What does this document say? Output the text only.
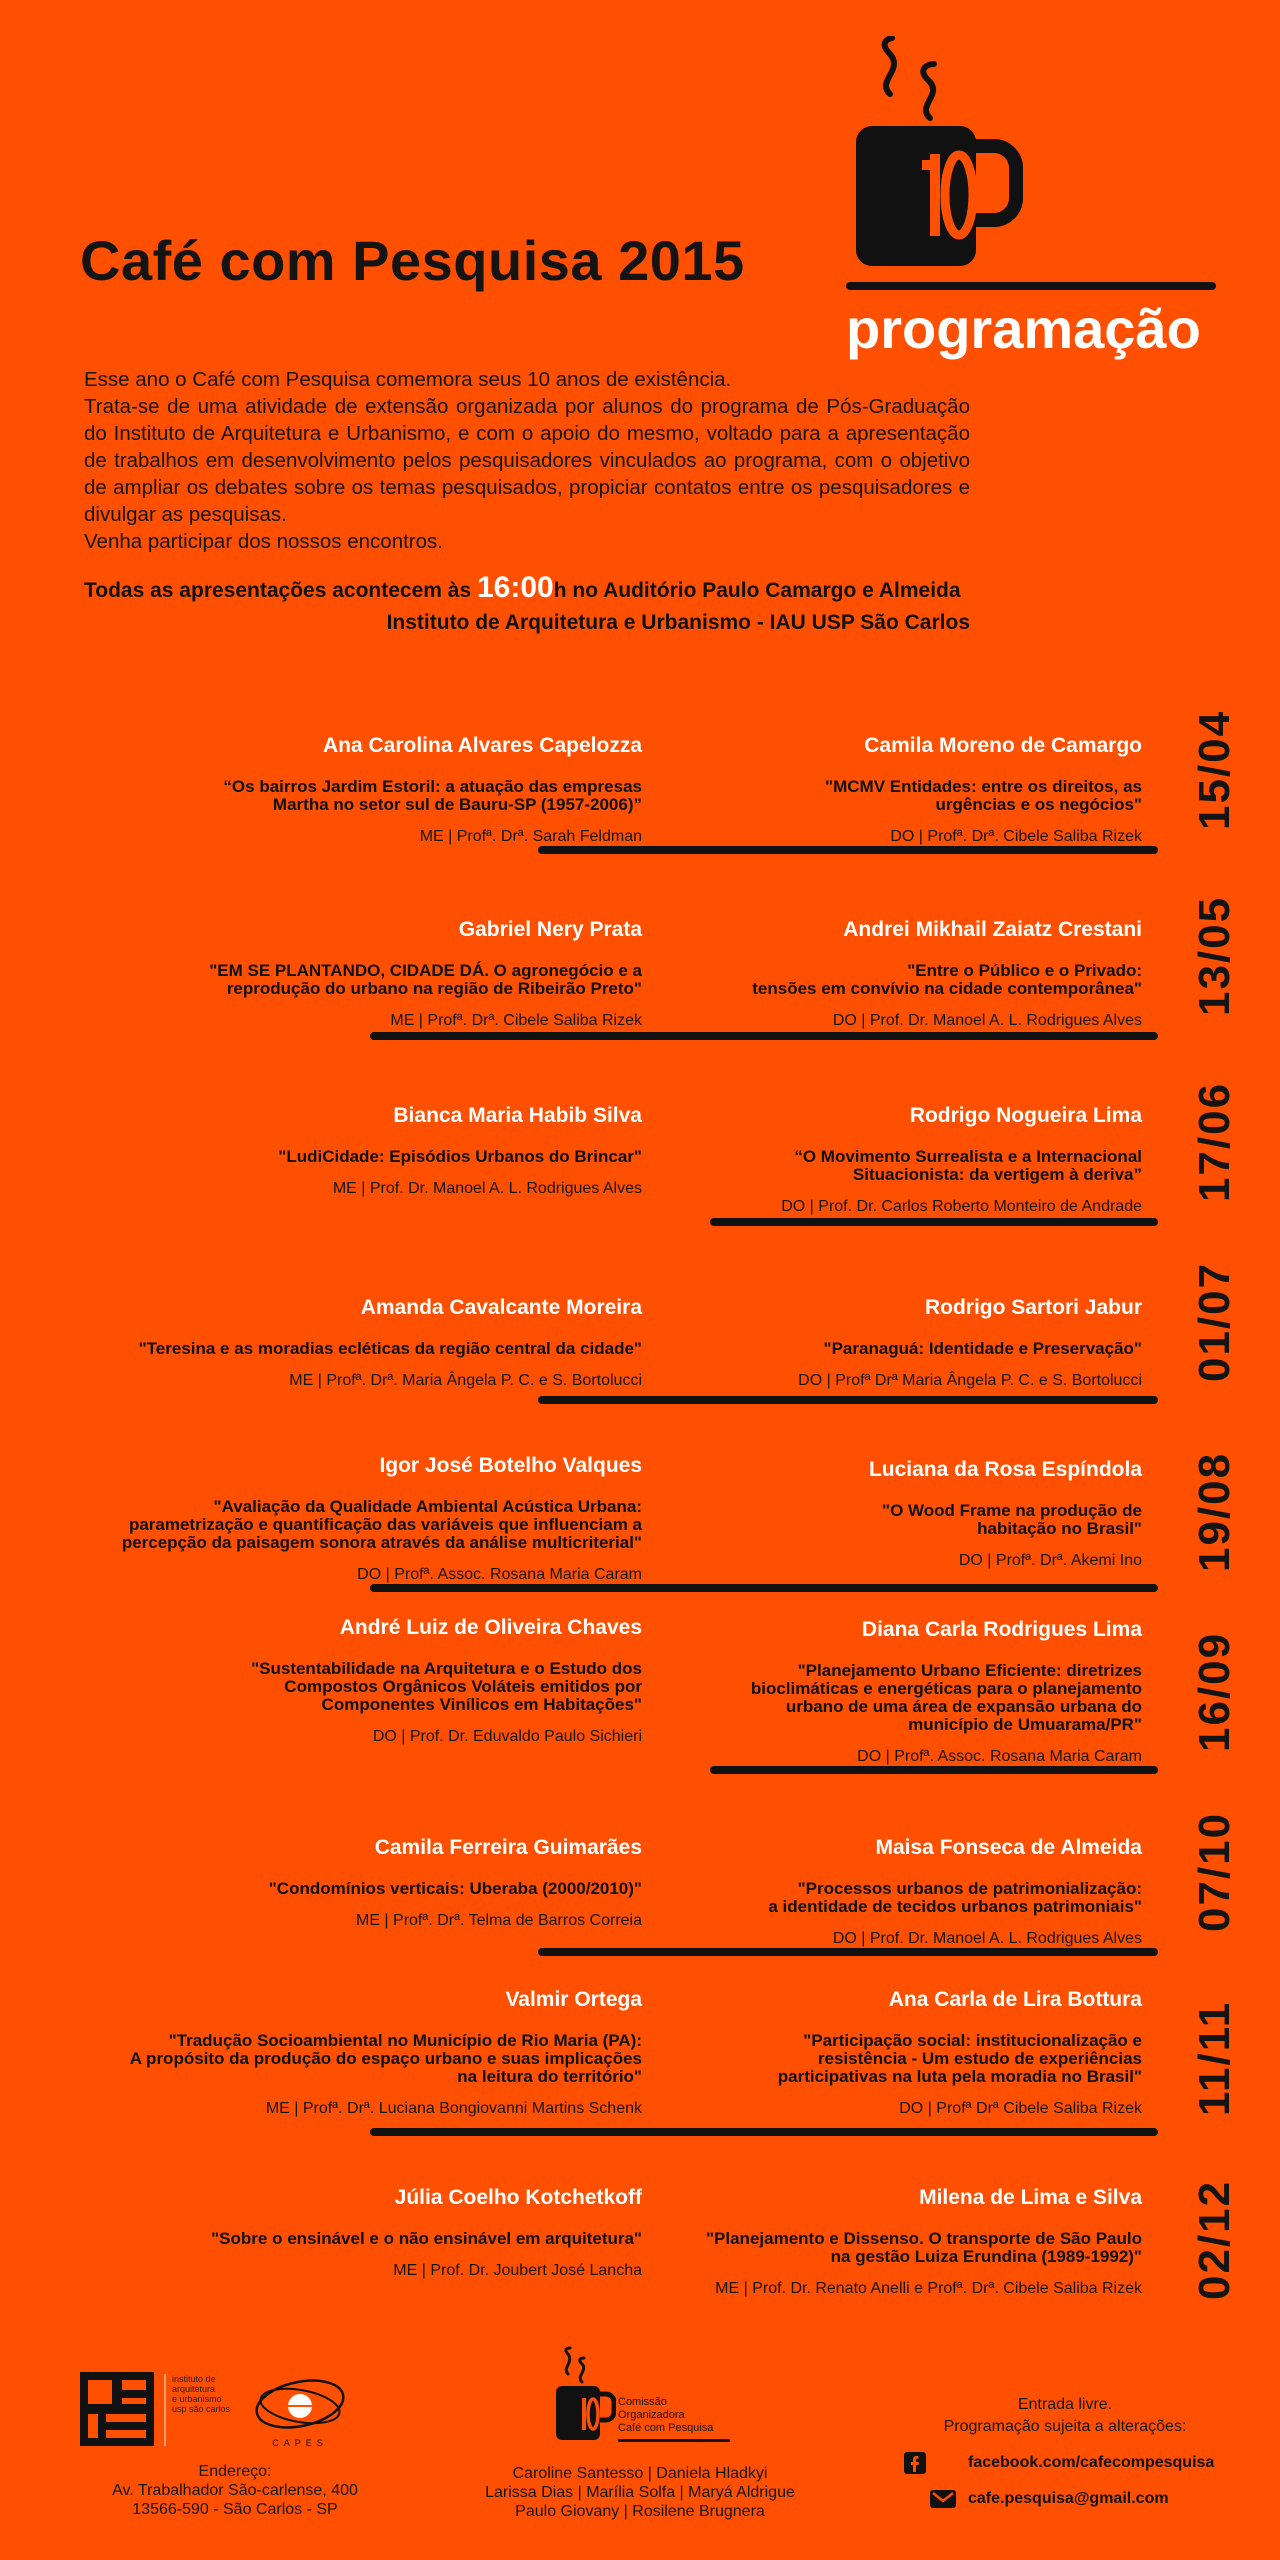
Café com Pesquisa 2015
programação

Esse ano o Café com Pesquisa comemora seus 10 anos de existência.

Trata-se de uma atividade de extensão organizada por alunos do programa de Pós-Graduação do Instituto de Arquitetura e Urbanismo, e com o apoio do mesmo, voltado para a apresentação de trabalhos em desenvolvimento pelos pesquisadores vinculados ao programa, com o objetivo de ampliar os debates sobre os temas pesquisados, propiciar contatos entre os pesquisadores e divulgar as pesquisas.

Venha participar dos nossos encontros.

Todas as apresentações acontecem às 16:00h no Auditório Paulo Camargo e Almeida
Instituto de Arquitetura e Urbanismo - IAU USP São Carlos
15/04

Ana Carolina Alvares Capelozza

“Os bairros Jardim Estoril: a atuação das empresas
Martha no setor sul de Bauru-SP (1957-2006)”

ME | Profª. Drª. Sarah Feldman

Camila Moreno de Camargo

"MCMV Entidades: entre os direitos, as
urgências e os negócios"

DO | Profª. Drª. Cibele Saliba Rizek

13/05

Gabriel Nery Prata

"EM SE PLANTANDO, CIDADE DÁ. O agronegócio e a
reprodução do urbano na região de Ribeirão Preto"

ME | Profª. Drª. Cibele Saliba Rizek

Andrei Mikhail Zaiatz Crestani

"Entre o Público e o Privado:
tensões em convívio na cidade contemporânea"

DO | Prof. Dr. Manoel A. L. Rodrigues Alves

17/06

Bianca Maria Habib Silva

"LudiCidade: Episódios Urbanos do Brincar"

ME | Prof. Dr. Manoel A. L. Rodrigues Alves

Rodrigo Nogueira Lima

“O Movimento Surrealista e a Internacional
Situacionista: da vertigem à deriva”

DO | Prof. Dr. Carlos Roberto Monteiro de Andrade

01/07

Amanda Cavalcante Moreira

"Teresina e as moradias ecléticas da região central da cidade"

ME | Profª. Drª. Maria Ângela P. C. e S. Bortolucci

Rodrigo Sartori Jabur

"Paranaguá: Identidade e Preservação"

DO | Profª Drª Maria Ângela P. C. e S. Bortolucci

19/08

Igor José Botelho Valques

"Avaliação da Qualidade Ambiental Acústica Urbana:
parametrização e quantificação das variáveis que influenciam a
percepção da paisagem sonora através da análise multicriterial"

DO | Profª. Assoc. Rosana Maria Caram

Luciana da Rosa Espíndola

"O Wood Frame na produção de
habitação no Brasil"

DO | Profª. Drª. Akemi Ino

16/09

André Luiz de Oliveira Chaves

"Sustentabilidade na Arquitetura e o Estudo dos
Compostos Orgânicos Voláteis emitidos por
Componentes Vinílicos em Habitações"

DO | Prof. Dr. Eduvaldo Paulo Sichieri

Diana Carla Rodrigues Lima

"Planejamento Urbano Eficiente: diretrizes
bioclimáticas e energéticas para o planejamento
urbano de uma área de expansão urbana do
município de Umuarama/PR"

DO | Profª. Assoc. Rosana Maria Caram

07/10

Camila Ferreira Guimarães

"Condomínios verticais: Uberaba (2000/2010)"

ME | Profª. Drª. Telma de Barros Correia

Maisa Fonseca de Almeida

"Processos urbanos de patrimonialização:
a identidade de tecidos urbanos patrimoniais"

DO | Prof. Dr. Manoel A. L. Rodrigues Alves

11/11

Valmir Ortega

"Tradução Socioambiental no Município de Rio Maria (PA):
A propósito da produção do espaço urbano e suas implicações
na leitura do território"

ME | Profª. Drª. Luciana Bongiovanni Martins Schenk

Ana Carla de Lira Bottura

"Participação social: institucionalização e
resistência - Um estudo de experiências
participativas na luta pela moradia no Brasil"

DO | Profª Drª Cibele Saliba Rizek

02/12

Júlia Coelho Kotchetkoff

"Sobre o ensinável e o não ensinável em arquitetura"

ME | Prof. Dr. Joubert José Lancha

Milena de Lima e Silva

"Planejamento e Dissenso. O transporte de São Paulo
na gestão Luiza Erundina (1989-1992)"

ME | Prof. Dr. Renato Anelli e Profª. Drª. Cibele Saliba Rizek

instituto de
arquitetura
e urbanismo
usp são carlos
CAPES
Endereço:
Av. Trabalhador São-carlense, 400
13566-590 - São Carlos - SP
Comissão
Organizadora
Café com Pesquisa
Caroline Santesso | Daniela Hladkyi
Larissa Dias | Marília Solfa | Maryá Aldrigue
Paulo Giovany | Rosilene Brugnera
Entrada livre.
Programação sujeita a alterações:
facebook.com/cafecompesquisa
cafe.pesquisa@gmail.com
